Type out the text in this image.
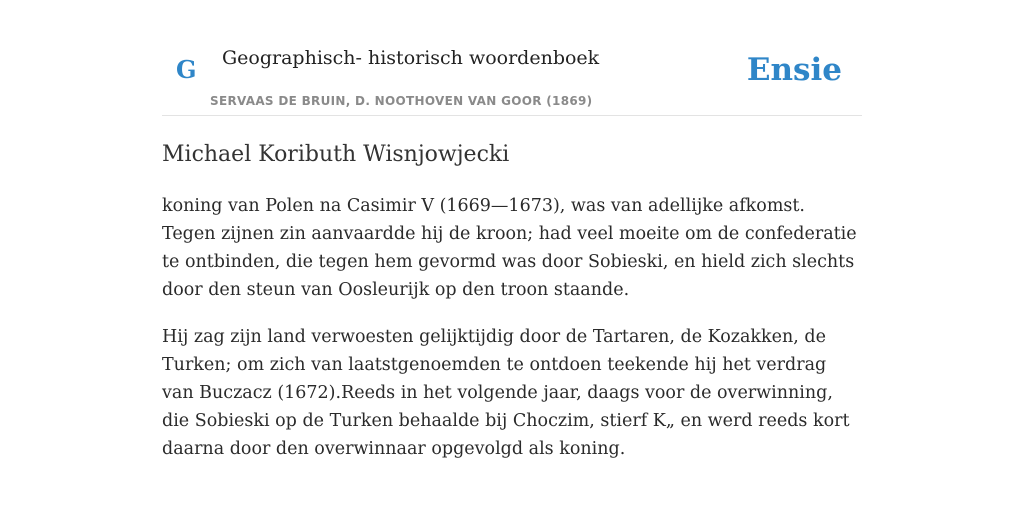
G Geographisch- historisch woordenboek
SERVAAS DE BRUIN, D. NOOTHOVEN VAN GOOR (1869)
Ensie
Michael Koributh Wisnjowjecki

koning van Polen na Casimir V (1669—1673), was van adellijke afkomst. Tegen zijnen zin aanvaardde hij de kroon; had veel moeite om de confederatie te ontbinden, die tegen hem gevormd was door Sobieski, en hield zich slechts door den steun van Oosleurijk op den troon staande.

Hij zag zijn land verwoesten gelijktijdig door de Tartaren, de Kozakken, de Turken; om zich van laatstgenoemden te ontdoen teekende hij het verdrag van Buczacz (1672).Reeds in het volgende jaar, daags voor de overwinning, die Sobieski op de Turken behaalde bij Choczim, stierf K„ en werd reeds kort daarna door den overwinnaar opgevolgd als koning.
